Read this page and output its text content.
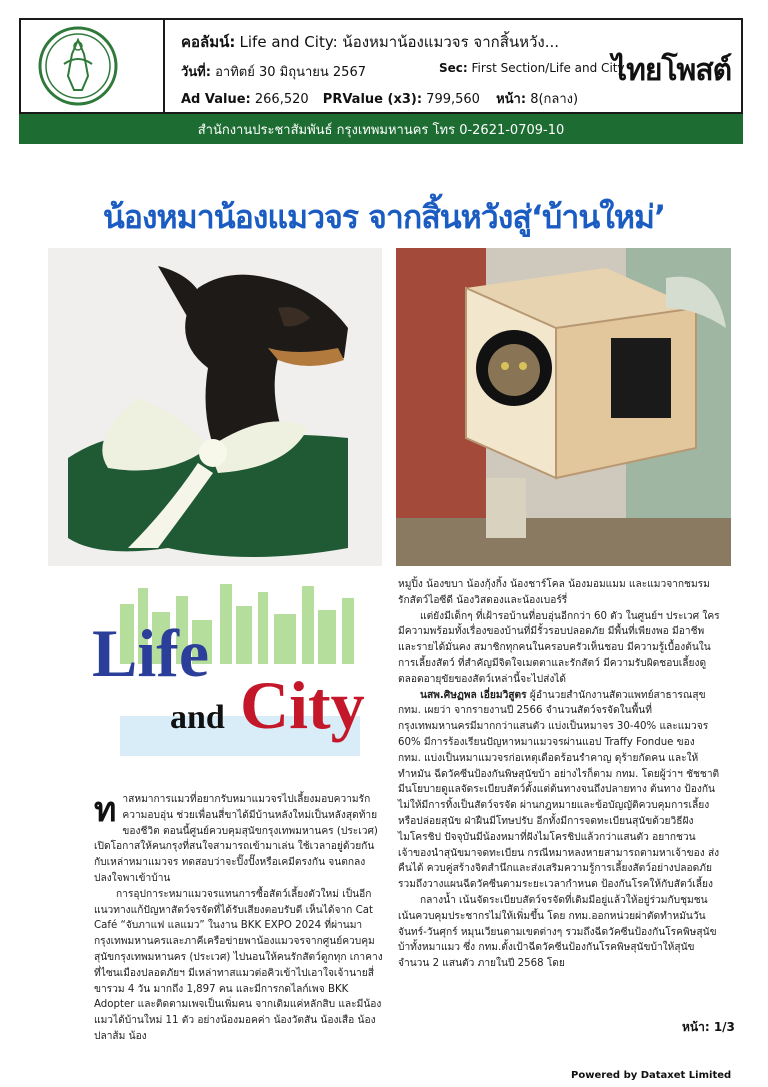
คอลัมน์: Life and City: น้องหมาน้องแมวจร จากสิ้นหวัง...
วันที่: อาทิตย์ 30 มิถุนายน 2567	Sec: First Section/Life and City
Ad Value: 266,520 PRValue (x3): 799,560 หน้า: 8(กลาง)
ไทยโพสต์
สำนักงานประชาสัมพันธ์ กรุงเทพมหานคร โทร 0-2621-0709-10
น้องหมาน้องแมวจร จากสิ้นหวังสู่‘บ้านใหม่’
Life
and City

ทาสหมาการแมวที่อยากรับหมาแมวจรไปเลี้ยงมอบความรัก ความอบอุ่น ช่วยเพื่อนสี่ขาได้มีบ้านหลังใหม่เป็นหลังสุดท้ายของชีวิต ตอนนี้ศูนย์ควบคุมสุนัขกรุงเทพมหานคร (ประเวศ) เปิดโอกาสให้คนกรุงที่สนใจสามารถเข้ามาเล่น ใช้เวลาอยู่ด้วยกันกับเหล่าหมาแมวจร ทดสอบว่าจะปิ๊งปั๊งหรือเคมีตรงกัน จนตกลงปลงใจพาเข้าบ้าน

การอุปการะหมาแมวจรแทนการซื้อสัตว์เลี้ยงตัวใหม่ เป็นอีกแนวทางแก้ปัญหาสัตว์จรจัดที่ได้รับเสียงตอบรับดี เห็นได้จาก Cat Café “จับภาแฟ แลแมว” ในงาน BKK EXPO 2024 ที่ผ่านมา กรุงเทพมหานครและภาคีเครือข่ายพาน้องแมวจรจากศูนย์ควบคุมสุนัขกรุงเทพมหานคร (ประเวศ) ไปนอนให้คนรักสัตว์ดูกทุก เกาคาง ที่ไซนเมืองปลอดภัยฯ มีเหล่าทาสแมวต่อคิวเข้าไปเอาใจเจ้านายสี่ขารวม 4 วัน มากถึง 1,897 คน และมีการกดไลก์เพจ BKK Adopter และติดตามเพจเป็นเพิ่มคน จากเดิมแค่หลักสิบ และมีน้องแมวได้บ้านใหม่ 11 ตัว อย่างน้องมอคค่า น้องวัตสัน น้องเสือ น้องปลาส้ม น้อง

หมูปิ้ง น้องขบา น้องกุ้งกิ้ง น้องชาร์โคล น้องมอมแมม และแมวจากชมรมรักสัตว์ไอซีดี น้องวิสดองและน้องเบอร์รี่

แต่ยังมีเด็กๆ ที่เฝ้ารอบ้านที่อบอุ่นอีกกว่า 60 ตัว ในศูนย์ฯ ประเวศ ใครมีความพร้อมทั้งเรื่องของบ้านที่มีรั้วรอบปลอดภัย มีพื้นที่เพียงพอ มีอาชีพและรายได้มั่นคง สมาชิกทุกคนในครอบครัวเห็นชอบ มีความรู้เบื้องต้นในการเลี้ยงสัตว์ ที่สำคัญมีจิตใจเมตตาและรักสัตว์ มีความรับผิดชอบเลี้ยงดูตลอดอายุขัยของสัตว์เหล่านี้จะไปส่งได้

นสพ.ศิษฏพล เอี่ยมวิสูตร ผู้อำนวยสำนักงานสัตวแพทย์สาธารณสุข กทม. เผยว่า จากรายงานปี 2566 จำนวนสัตว์จรจัดในพื้นที่กรุงเทพมหานครมีมากกว่าแสนตัว แบ่งเป็นหมาจร 30-40% และแมวจร 60% มีการร้องเรียนปัญหาหมาแมวจรผ่านแอป Traffy Fondue ของ กทม. แบ่งเป็นหมาแมวจรก่อเหตุเดือดร้อนรำคาญ ดุร้ายกัดคน และให้ทำหมัน ฉีดวัคซีนป้องกันพิษสุนัขบ้า อย่างไรก็ตาม กทม. โดยผู้ว่าฯ ชัชชาติ มีนโยบายดูแลจัดระเบียบสัตว์ตั้งแต่ต้นทางจนถึงปลายทาง ต้นทาง ป้องกันไม่ให้มีการทิ้งเป็นสัตว์จรจัด ผ่านกฎหมายและข้อบัญญัติควบคุมการเลี้ยงหรือปล่อยสุนัข ฝ่าฝืนมีโทษปรับ อีกทั้งมีการจดทะเบียนสุนัขด้วยวิธีฝังไมโครชิป ปัจจุบันมีน้องหมาที่ฝังไมโครชิปแล้วกว่าแสนตัว อยากชวนเจ้าของนำสุนัขมาจดทะเบียน กรณีหมาหลงหายสามารถตามหาเจ้าของ ส่งคืนได้ ควบคู่สร้างจิตสำนึกและส่งเสริมความรู้การเลี้ยงสัตว์อย่างปลอดภัย รวมถึงวางแผนฉีดวัคซีนตามระยะเวลากำหนด ป้องกันโรคให้กับสัตว์เลี้ยง

กลางน้ำ เน้นจัดระเบียบสัตว์จรจัดที่เดิมมีอยู่แล้วให้อยู่ร่วมกับชุมชน เน้นควบคุมประชากรไม่ให้เพิ่มขึ้น โดย กทม.ออกหน่วยผ่าตัดทำหมันวันจันทร์-วันศุกร์ หมุนเวียนตามเขตต่างๆ รวมถึงฉีดวัคซีนป้องกันโรคพิษสุนัขบ้าทั้งหมาแมว ซึ่ง กทม.ตั้งเป้าฉีดวัคซีนป้องกันโรคพิษสุนัขบ้าให้สุนัขจำนวน 2 แสนตัว ภายในปี 2568 โดย

หน้า: 1/3
Powered by Dataxet Limited
